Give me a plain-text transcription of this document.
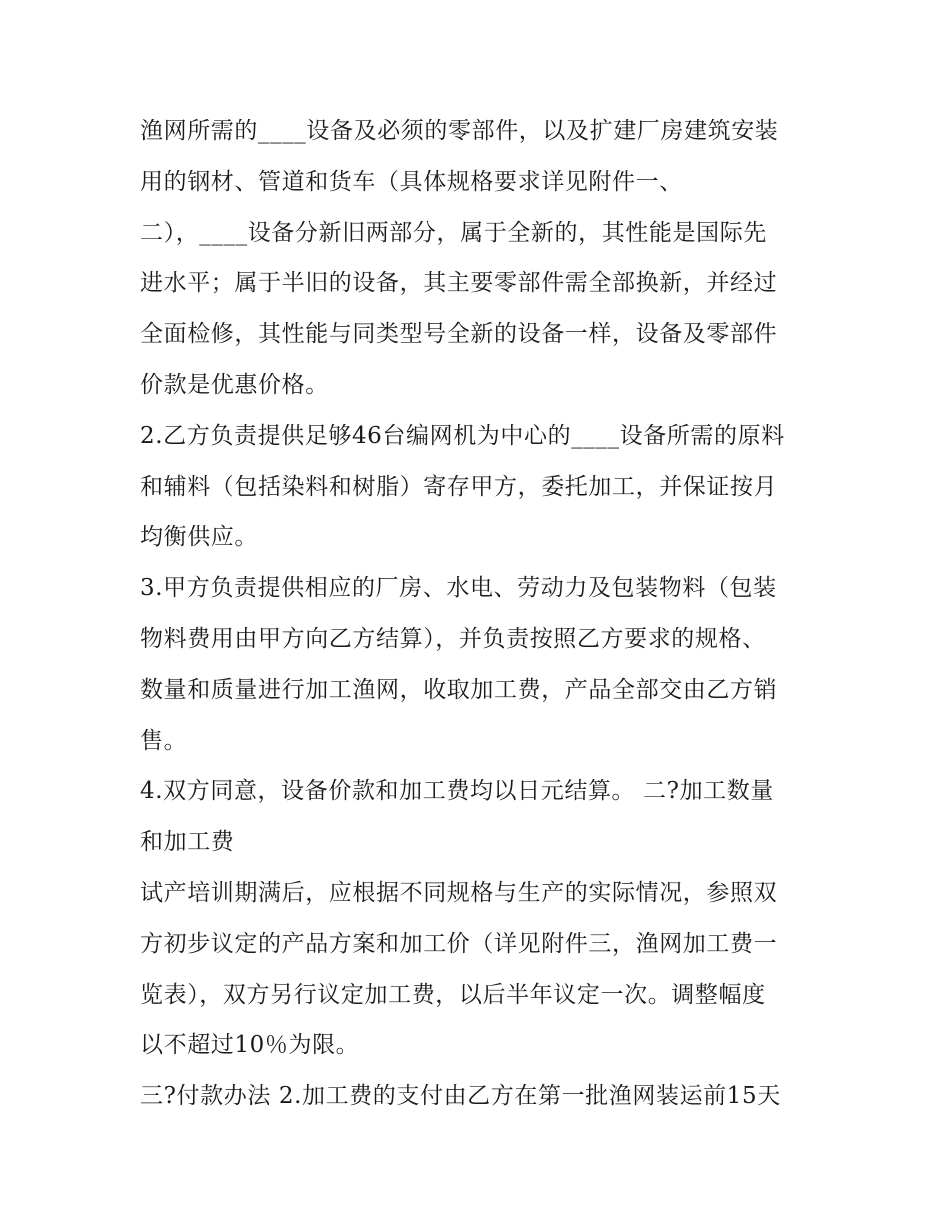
渔网所需的____设备及必须的零部件，以及扩建厂房建筑安装
用的钢材、管道和货车（具体规格要求详见附件一、
二），____设备分新旧两部分，属于全新的，其性能是国际先
进水平；属于半旧的设备，其主要零部件需全部换新，并经过
全面检修，其性能与同类型号全新的设备一样，设备及零部件
价款是优惠价格。
2.乙方负责提供足够46台编网机为中心的____设备所需的原料
和辅料（包括染料和树脂）寄存甲方，委托加工，并保证按月
均衡供应。
3.甲方负责提供相应的厂房、水电、劳动力及包装物料（包装
物料费用由甲方向乙方结算），并负责按照乙方要求的规格、
数量和质量进行加工渔网，收取加工费，产品全部交由乙方销
售。
4.双方同意，设备价款和加工费均以日元结算。 二?加工数量
和加工费
试产培训期满后，应根据不同规格与生产的实际情况，参照双
方初步议定的产品方案和加工价（详见附件三，渔网加工费一
览表），双方另行议定加工费，以后半年议定一次。调整幅度
以不超过10％为限。
三?付款办法 2.加工费的支付由乙方在第一批渔网装运前15天
